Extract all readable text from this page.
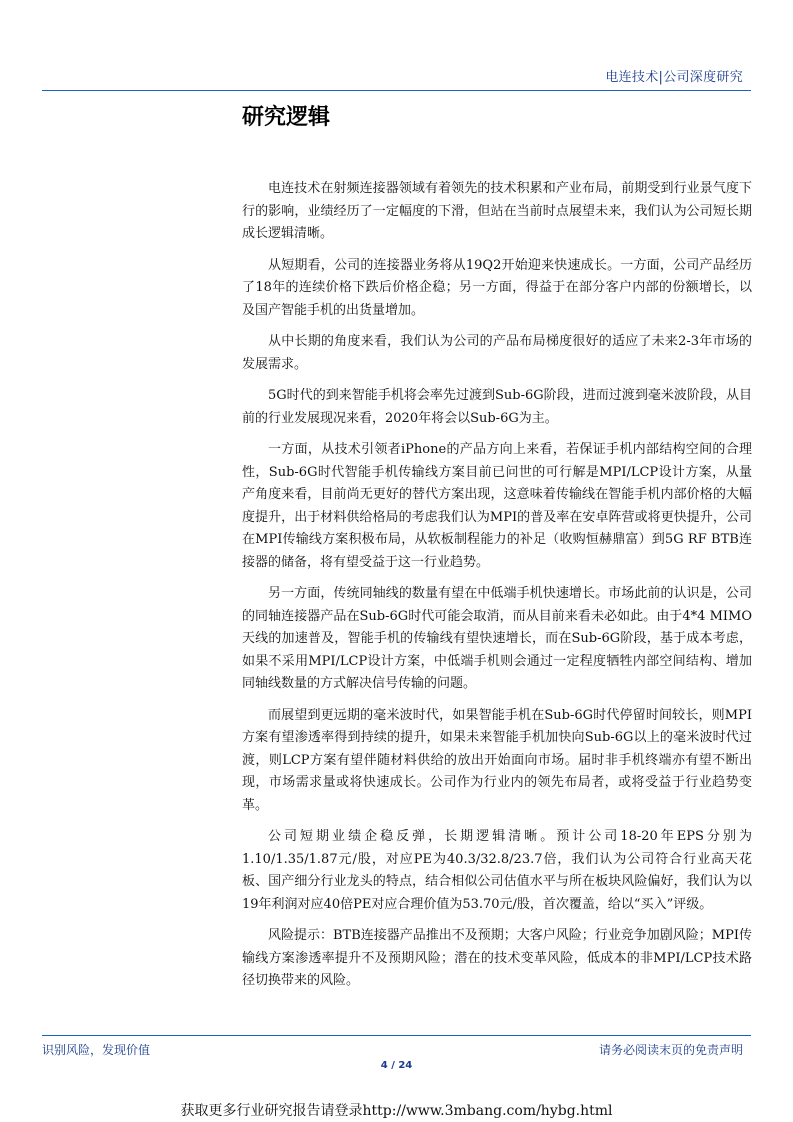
电连技术|公司深度研究
研究逻辑

电连技术在射频连接器领域有着领先的技术积累和产业布局，前期受到行业景气度下行的影响，业绩经历了一定幅度的下滑，但站在当前时点展望未来，我们认为公司短长期成长逻辑清晰。

从短期看，公司的连接器业务将从19Q2开始迎来快速成长。一方面，公司产品经历了18年的连续价格下跌后价格企稳；另一方面，得益于在部分客户内部的份额增长，以及国产智能手机的出货量增加。

从中长期的角度来看，我们认为公司的产品布局梯度很好的适应了未来2-3年市场的发展需求。

5G时代的到来智能手机将会率先过渡到Sub-6G阶段，进而过渡到毫米波阶段，从目前的行业发展现况来看，2020年将会以Sub-6G为主。

一方面，从技术引领者iPhone的产品方向上来看，若保证手机内部结构空间的合理性，Sub-6G时代智能手机传输线方案目前已问世的可行解是MPI/LCP设计方案，从量产角度来看，目前尚无更好的替代方案出现，这意味着传输线在智能手机内部价格的大幅度提升，出于材料供给格局的考虑我们认为MPI的普及率在安卓阵营或将更快提升，公司在MPI传输线方案积极布局，从软板制程能力的补足（收购恒赫鼎富）到5G RF BTB连接器的储备，将有望受益于这一行业趋势。

另一方面，传统同轴线的数量有望在中低端手机快速增长。市场此前的认识是，公司的同轴连接器产品在Sub-6G时代可能会取消，而从目前来看未必如此。由于4*4 MIMO天线的加速普及，智能手机的传输线有望快速增长，而在Sub-6G阶段，基于成本考虑，如果不采用MPI/LCP设计方案，中低端手机则会通过一定程度牺牲内部空间结构、增加同轴线数量的方式解决信号传输的问题。

而展望到更远期的毫米波时代，如果智能手机在Sub-6G时代停留时间较长，则MPI方案有望渗透率得到持续的提升，如果未来智能手机加快向Sub-6G以上的毫米波时代过渡，则LCP方案有望伴随材料供给的放出开始面向市场。届时非手机终端亦有望不断出现，市场需求量或将快速成长。公司作为行业内的领先布局者，或将受益于行业趋势变革。

公司短期业绩企稳反弹，长期逻辑清晰。预计公司18-20年EPS分别为1.10/1.35/1.87元/股，对应PE为40.3/32.8/23.7倍，我们认为公司符合行业高天花板、国产细分行业龙头的特点，结合相似公司估值水平与所在板块风险偏好，我们认为以19年利润对应40倍PE对应合理价值为53.70元/股，首次覆盖，给以“买入”评级。

风险提示：BTB连接器产品推出不及预期；大客户风险；行业竞争加剧风险；MPI传输线方案渗透率提升不及预期风险；潜在的技术变革风险，低成本的非MPI/LCP技术路径切换带来的风险。

识别风险，发现价值	请务必阅读末页的免责声明
4 / 24
获取更多行业研究报告请登录http://www.3mbang.com/hybg.html
